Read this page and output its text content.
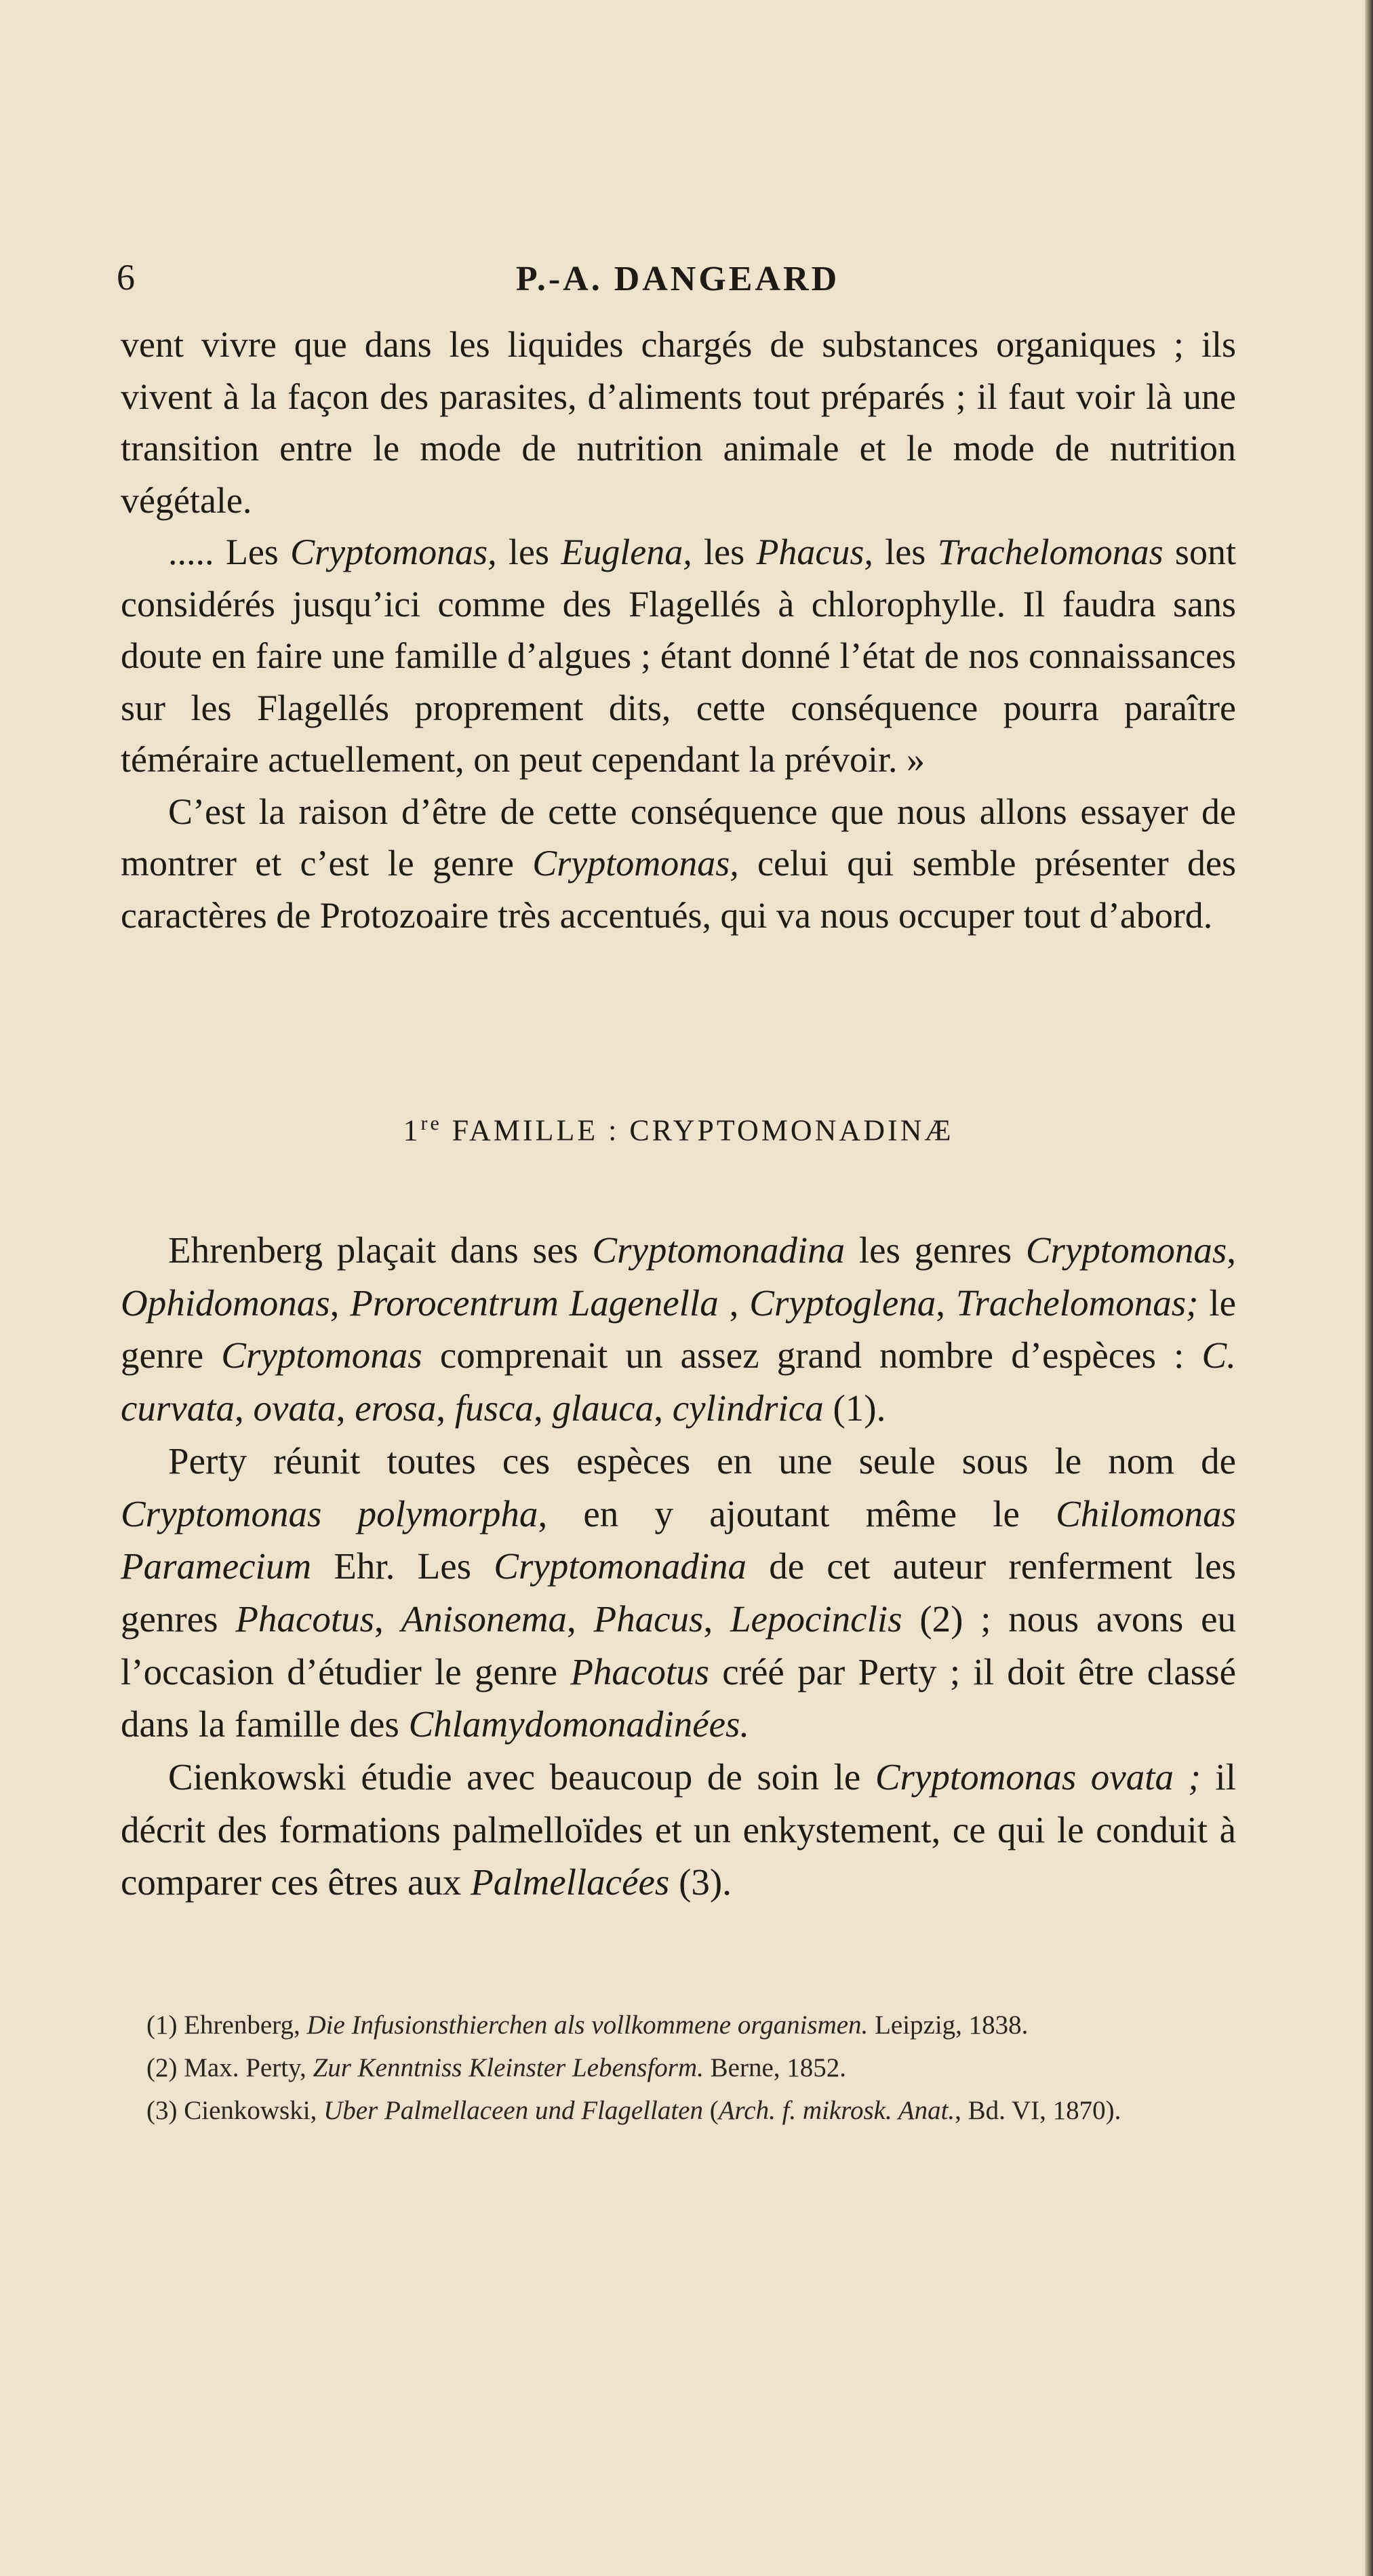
6	P.-A. DANGEARD

vent vivre que dans les liquides chargés de substances organiques ; ils vivent à la façon des parasites, d’aliments tout préparés ; il faut voir là une transition entre le mode de nutrition animale et le mode de nutrition végétale.

..... Les Cryptomonas, les Euglena, les Phacus, les Trachelomonas sont considérés jusqu’ici comme des Flagellés à chlorophylle. Il faudra sans doute en faire une famille d’algues ; étant donné l’état de nos connaissances sur les Flagellés proprement dits, cette conséquence pourra paraître téméraire actuellement, on peut cependant la prévoir. »

C’est la raison d’être de cette conséquence que nous allons essayer de montrer et c’est le genre Cryptomonas, celui qui semble présenter des caractères de Protozoaire très accentués, qui va nous occuper tout d’abord.

1re FAMILLE : CRYPTOMONADINÆ

Ehrenberg plaçait dans ses Cryptomonadina les genres Cryptomonas, Ophidomonas, Prorocentrum Lagenella , Cryptoglena, Trachelomonas; le genre Cryptomonas comprenait un assez grand nombre d’espèces : C. curvata, ovata, erosa, fusca, glauca, cylindrica (1).

Perty réunit toutes ces espèces en une seule sous le nom de Cryptomonas polymorpha, en y ajoutant même le Chilomonas Paramecium Ehr. Les Cryptomonadina de cet auteur renferment les genres Phacotus, Anisonema, Phacus, Lepocinclis (2) ; nous avons eu l’occasion d’étudier le genre Phacotus créé par Perty ; il doit être classé dans la famille des Chlamydomonadinées.

Cienkowski étudie avec beaucoup de soin le Cryptomonas ovata ; il décrit des formations palmelloïdes et un enkystement, ce qui le conduit à comparer ces êtres aux Palmellacées (3).

(1) Ehrenberg, Die Infusionsthierchen als vollkommene organismen. Leipzig, 1838.

(2) Max. Perty, Zur Kenntniss Kleinster Lebensform. Berne, 1852.

(3) Cienkowski, Uber Palmellaceen und Flagellaten (Arch. f. mikrosk. Anat., Bd. VI, 1870).
